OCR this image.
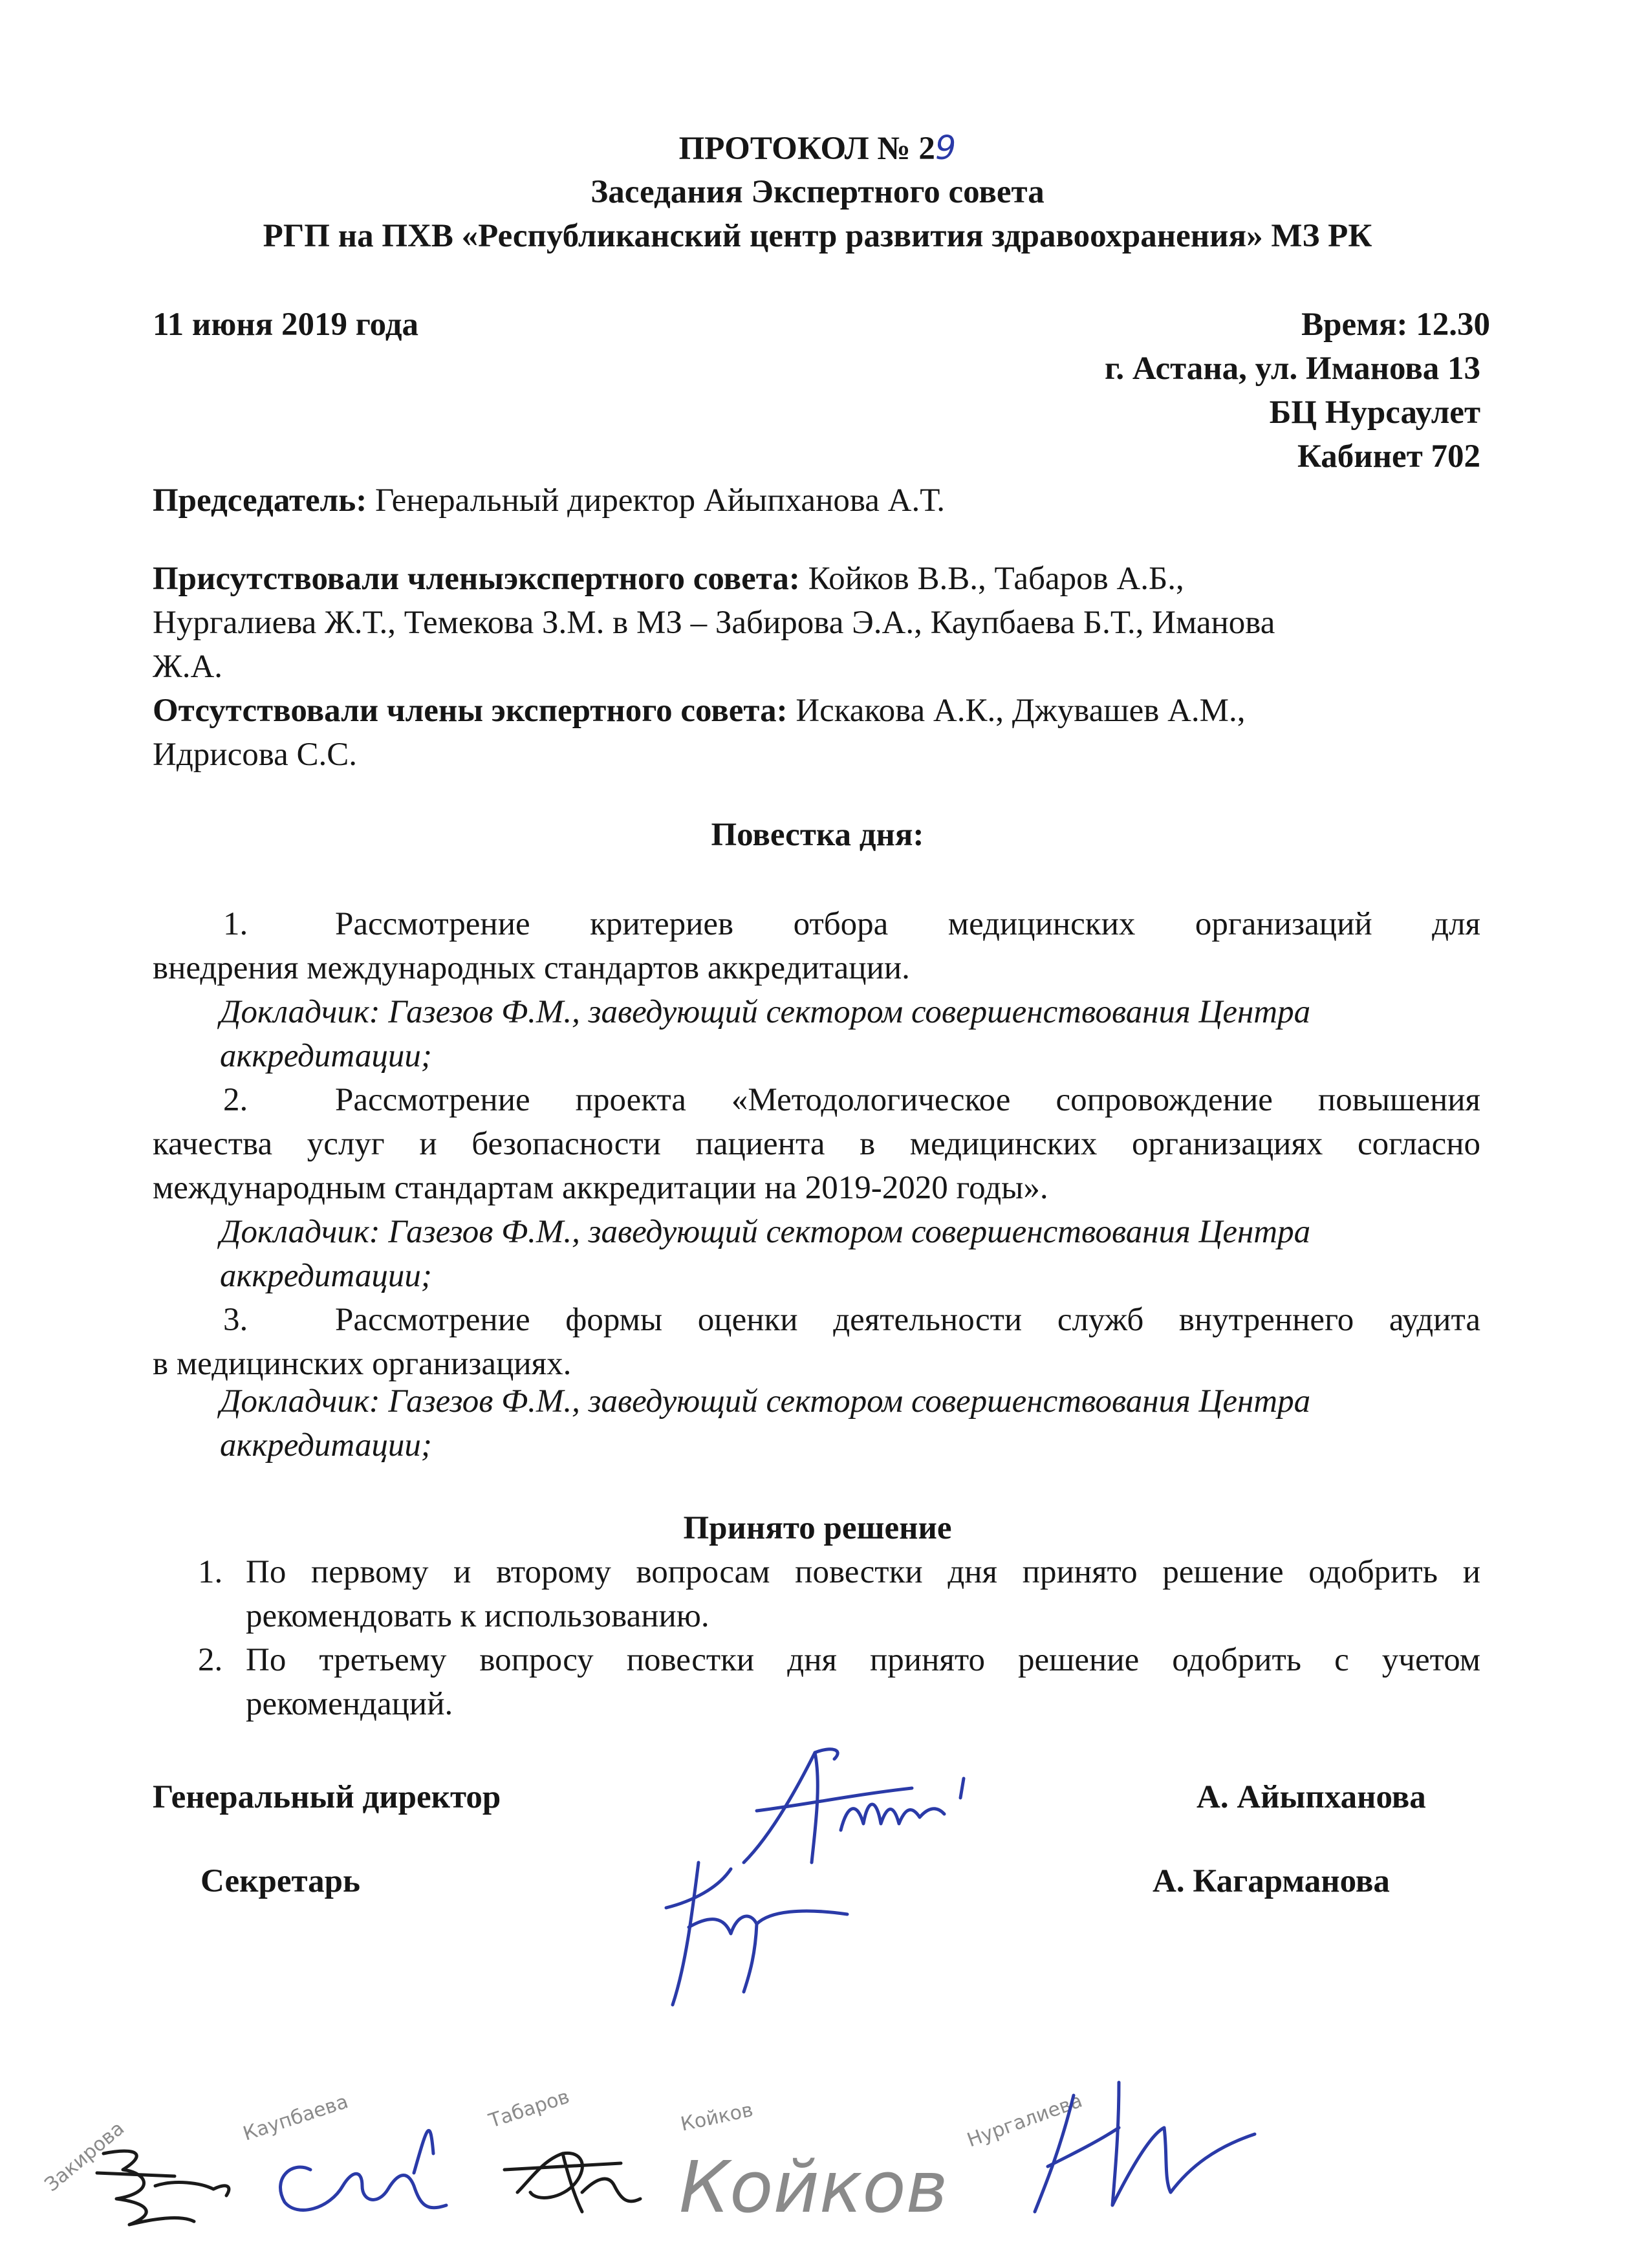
ПРОТОКОЛ № 29
Заседания Экспертного совета
РГП на ПХВ «Республиканский центр развития здравоохранения» МЗ РК
11 июня 2019 года	Время: 12.30
г. Астана, ул. Иманова 13
БЦ Нурсаулет
Кабинет 702
Председатель: Генеральный директор Айыпханова А.Т.
Присутствовали членыэкспертного совета: Койков В.В., Табаров А.Б.,
Нургалиева Ж.Т., Темекова З.М. в МЗ – Забирова Э.А., Каупбаева Б.Т., Иманова
Ж.А.
Отсутствовали члены экспертного совета: Искакова А.К., Джувашев А.М.,
Идрисова С.С.
Повестка дня:
1.	Рассмотрение критериев отбора медицинских организаций для
внедрения международных стандартов аккредитации.
Докладчик: Газезов Ф.М., заведующий сектором совершенствования Центра
аккредитации;
2.	Рассмотрение проекта «Методологическое сопровождение повышения
качества услуг и безопасности пациента в медицинских организациях согласно
международным стандартам аккредитации на 2019-2020 годы».
Докладчик: Газезов Ф.М., заведующий сектором совершенствования Центра
аккредитации;
3.	Рассмотрение формы оценки деятельности служб внутреннего аудита
в медицинских организациях.
Докладчик: Газезов Ф.М., заведующий сектором совершенствования Центра
аккредитации;
Принято решение
1. По первому и второму вопросам повестки дня принято решение одобрить и
рекомендовать к использованию.
2. По третьему вопросу повестки дня принято решение одобрить с учетом
рекомендаций.
Генеральный директор	А. Айыпханова
Секретарь	А. Кагарманова
Закирова	Каупбаева	Табаров	Койков
Койков
Нургалиева
